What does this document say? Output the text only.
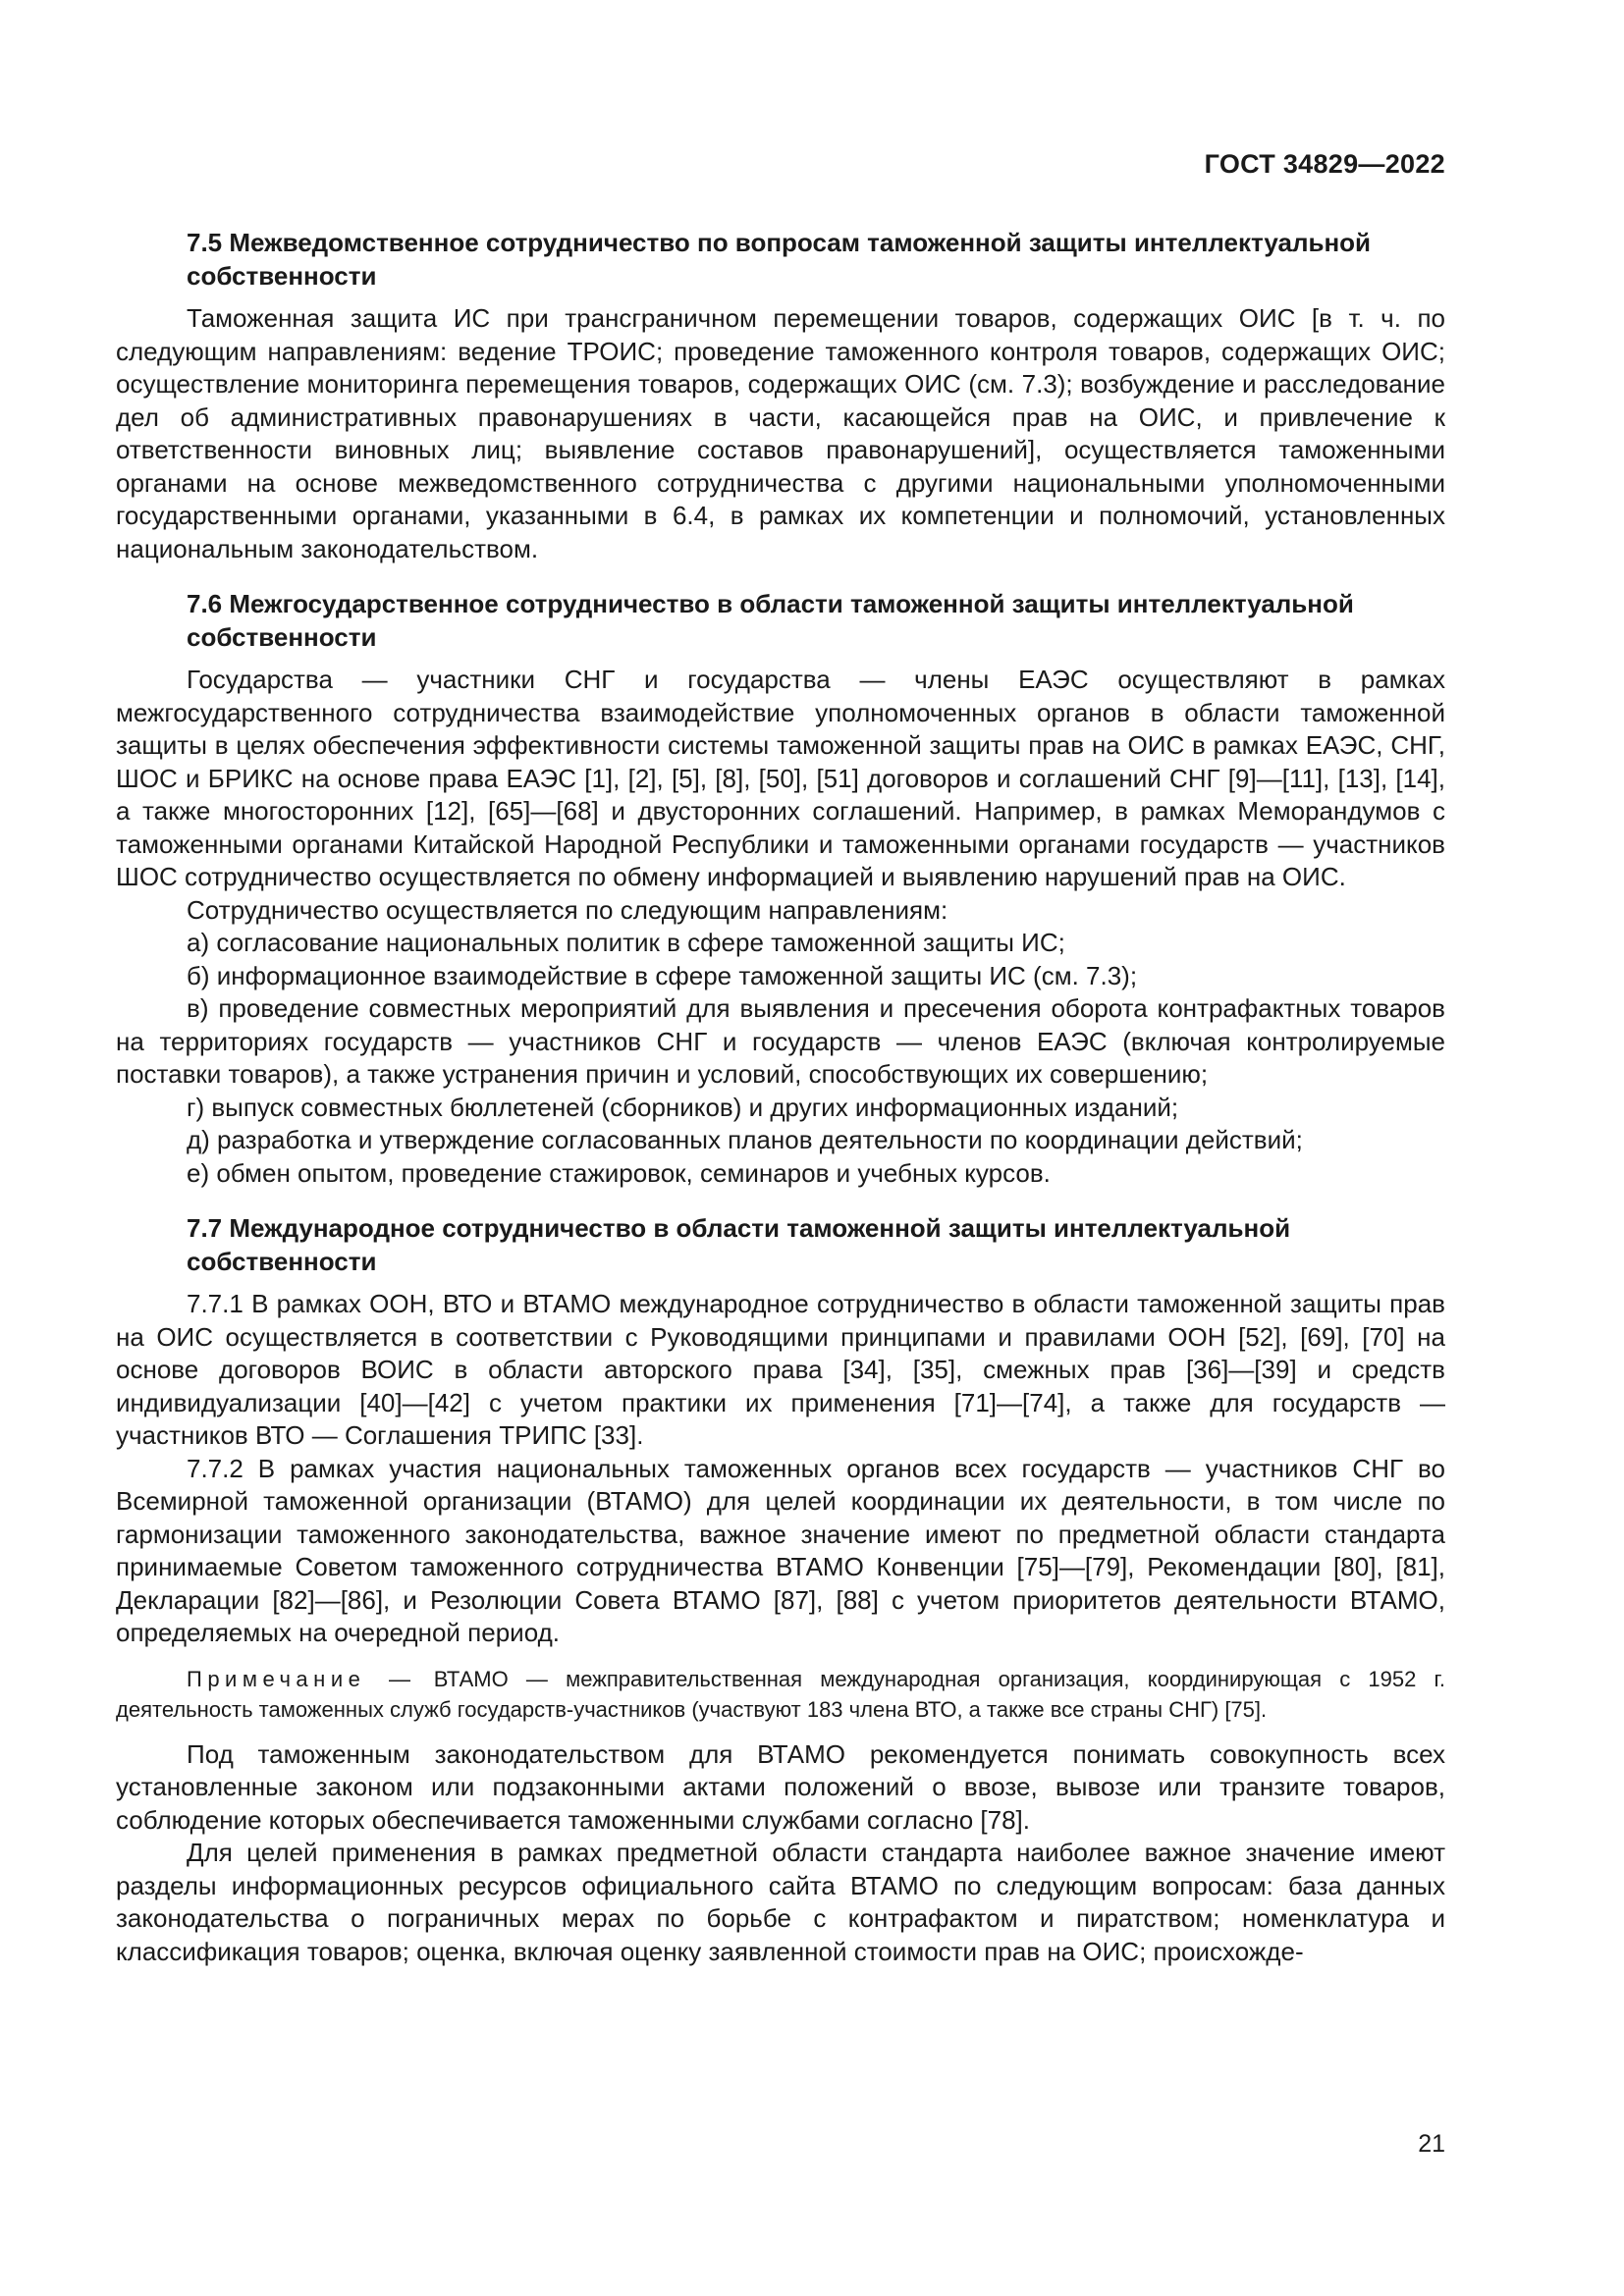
ГОСТ 34829—2022

7.5 Межведомственное сотрудничество по вопросам таможенной защиты интеллектуальной собственности

Таможенная защита ИС при трансграничном перемещении товаров, содержащих ОИС [в т. ч. по следующим направлениям: ведение ТРОИС; проведение таможенного контроля товаров, содержащих ОИС; осуществление мониторинга перемещения товаров, содержащих ОИС (см. 7.3); возбуждение и расследование дел об административных правонарушениях в части, касающейся прав на ОИС, и привлечение к ответственности виновных лиц; выявление составов правонарушений], осуществляется таможенными органами на основе межведомственного сотрудничества с другими национальными уполномоченными государственными органами, указанными в 6.4, в рамках их компетенции и полномочий, установленных национальным законодательством.

7.6 Межгосударственное сотрудничество в области таможенной защиты интеллектуальной собственности

Государства — участники СНГ и государства — члены ЕАЭС осуществляют в рамках межгосударственного сотрудничества взаимодействие уполномоченных органов в области таможенной защиты в целях обеспечения эффективности системы таможенной защиты прав на ОИС в рамках ЕАЭС, СНГ, ШОС и БРИКС на основе права ЕАЭС [1], [2], [5], [8], [50], [51] договоров и соглашений СНГ [9]—[11], [13], [14], а также многосторонних [12], [65]—[68] и двусторонних соглашений. Например, в рамках Меморандумов с таможенными органами Китайской Народной Республики и таможенными органами государств — участников ШОС сотрудничество осуществляется по обмену информацией и выявлению нарушений прав на ОИС.

Сотрудничество осуществляется по следующим направлениям:

а) согласование национальных политик в сфере таможенной защиты ИС;

б) информационное взаимодействие в сфере таможенной защиты ИС (см. 7.3);

в) проведение совместных мероприятий для выявления и пресечения оборота контрафактных товаров на территориях государств — участников СНГ и государств — членов ЕАЭС (включая контролируемые поставки товаров), а также устранения причин и условий, способствующих их совершению;

г) выпуск совместных бюллетеней (сборников) и других информационных изданий;

д) разработка и утверждение согласованных планов деятельности по координации действий;

е) обмен опытом, проведение стажировок, семинаров и учебных курсов.

7.7 Международное сотрудничество в области таможенной защиты интеллектуальной собственности

7.7.1 В рамках ООН, ВТО и ВТАМО международное сотрудничество в области таможенной защиты прав на ОИС осуществляется в соответствии с Руководящими принципами и правилами ООН [52], [69], [70] на основе договоров ВОИС в области авторского права [34], [35], смежных прав [36]—[39] и средств индивидуализации [40]—[42] с учетом практики их применения [71]—[74], а также для государств — участников ВТО — Соглашения ТРИПС [33].

7.7.2 В рамках участия национальных таможенных органов всех государств — участников СНГ во Всемирной таможенной организации (ВТАМО) для целей координации их деятельности, в том числе по гармонизации таможенного законодательства, важное значение имеют по предметной области стандарта принимаемые Советом таможенного сотрудничества ВТАМО Конвенции [75]—[79], Рекомендации [80], [81], Декларации [82]—[86], и Резолюции Совета ВТАМО [87], [88] с учетом приоритетов деятельности ВТАМО, определяемых на очередной период.

Примечание — ВТАМО — межправительственная международная организация, координирующая с 1952 г. деятельность таможенных служб государств-участников (участвуют 183 члена ВТО, а также все страны СНГ) [75].

Под таможенным законодательством для ВТАМО рекомендуется понимать совокупность всех установленные законом или подзаконными актами положений о ввозе, вывозе или транзите товаров, соблюдение которых обеспечивается таможенными службами согласно [78].

Для целей применения в рамках предметной области стандарта наиболее важное значение имеют разделы информационных ресурсов официального сайта ВТАМО по следующим вопросам: база данных законодательства о пограничных мерах по борьбе с контрафактом и пиратством; номенклатура и классификация товаров; оценка, включая оценку заявленной стоимости прав на ОИС; происхожде-

21
